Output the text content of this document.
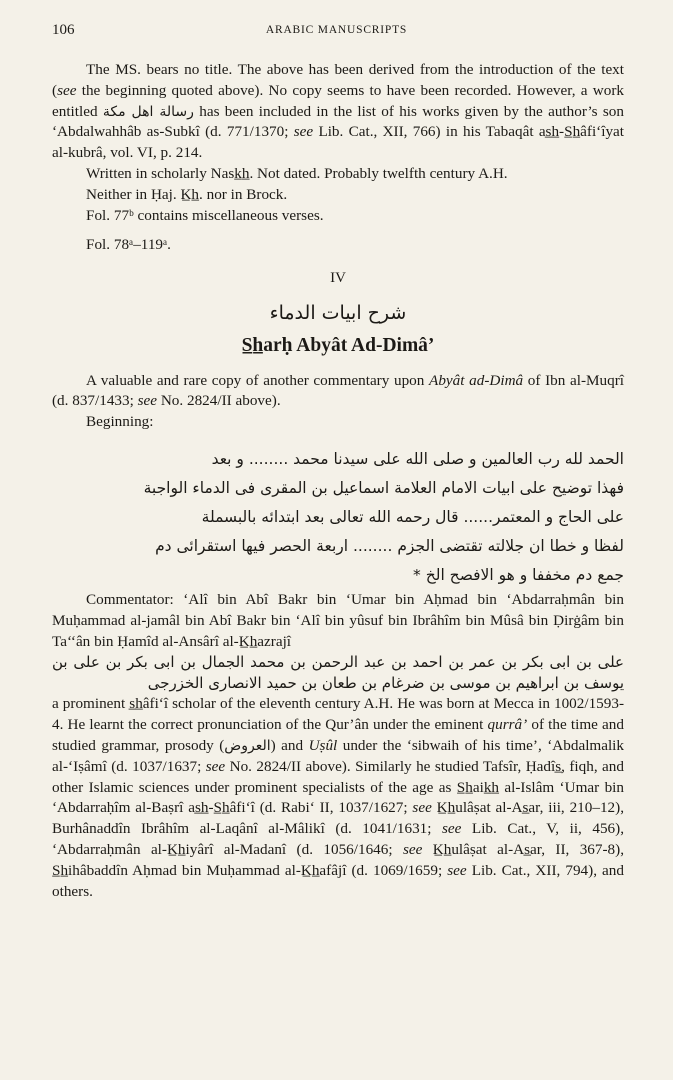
106	ARABIC MANUSCRIPTS

The MS. bears no title. The above has been derived from the introduction of the text (see the beginning quoted above). No copy seems to have been recorded. However, a work entitled رسالة اهل مكة has been included in the list of his works given by the author’s son ‘Abdalwahhâb as-Subkî (d. 771/1370; see Lib. Cat., XII, 766) in his Tabaqât as̲h̲-S̲h̲âfi‘îyat al-kubrâ, vol. VI, p. 214.

Written in scholarly Nask̲h̲. Not dated. Probably twelfth century A.H.

Neither in Ḥaj. K̲h̲. nor in Brock.

Fol. 77ᵇ contains miscellaneous verses.

Fol. 78ᵃ–119ᵃ.

IV
شرح ابيات الدماء
S̲h̲arḥ Abyât Ad-Dimâ’

A valuable and rare copy of another commentary upon Abyât ad-Dimâ of Ibn al-Muqrî (d. 837/1433; see No. 2824/II above).

Beginning:

الحمد لله رب العالمين و صلى الله على سيدنا محمد ........ و بعد

فهذا توضيح على ابيات الامام العلامة اسماعيل بن المقرى فى الدماء الواجبة

على الحاج و المعتمر...... قال رحمه الله تعالى بعد ابتدائه بالبسملة

لفظا و خطا ان جلالته تقتضى الجزم ........ اربعة الحصر فيها استقرائى دم

جمع دم مخففا و هو الافصح الخ *

Commentator: ‘Alî bin Abî Bakr bin ‘Umar bin Aḥmad bin ‘Abdarraḥmân bin Muḥammad al-jamâl bin Abî Bakr bin ‘Alî bin yûsuf bin Ibrâhîm bin Mûsâ bin Ḍirġâm bin Ta‘‘ân bin Ḥamîd al-Ansârî al-K̲h̲azrajî

على بن ابى بكر بن عمر بن احمد بن عبد الرحمن بن محمد الجمال بن ابى بكر بن على بن يوسف بن ابراهيم بن موسى بن ضرغام بن طعان بن حميد الانصارى الخزرجى

a prominent s̲h̲âfi‘î scholar of the eleventh century A.H. He was born at Mecca in 1002/1593-4. He learnt the correct pronunciation of the Qur’ân under the eminent qurrâ’ of the time and studied grammar, prosody (العروض) and Uṣûl under the ‘sibwaih of his time’, ‘Abdalmalik al-‘Iṣâmî (d. 1037/1637; see No. 2824/II above). Similarly he studied Tafsîr, Ḥadîs̲, fiqh, and other Islamic sciences under prominent specialists of the age as S̲h̲aik̲h̲ al-Islâm ‘Umar bin ‘Abdarraḥîm al-Baṣrî as̲h̲-S̲h̲âfi‘î (d. Rabi‘ II, 1037/1627; see K̲h̲ulâṣat al-As̲ar, iii, 210–12), Burhânaddîn Ibrâhîm al-Laqânî al-Mâlikî (d. 1041/1631; see Lib. Cat., V, ii, 456), ‘Abdarraḥmân al-K̲h̲iyârî al-Madanî (d. 1056/1646; see K̲h̲ulâṣat al-As̲ar, II, 367-8), S̲h̲ihâbaddîn Aḥmad bin Muḥammad al-K̲h̲afâjî (d. 1069/1659; see Lib. Cat., XII, 794), and others.
